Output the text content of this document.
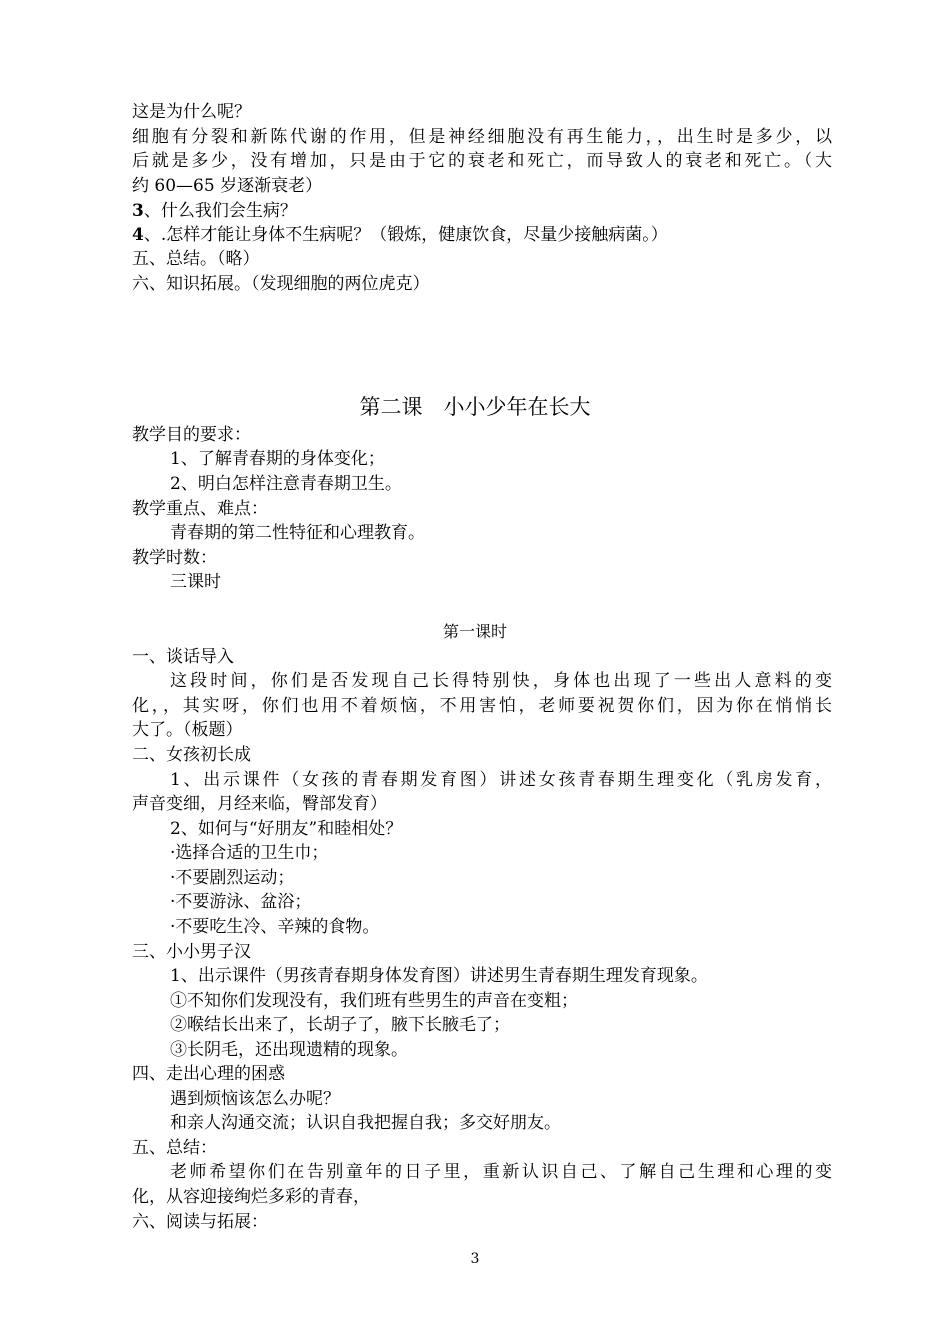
这是为什么呢？
细胞有分裂和新陈代谢的作用，但是神经细胞没有再生能力，，出生时是多少，以
后就是多少，没有增加，只是由于它的衰老和死亡，而导致人的衰老和死亡。（大
约 60—65 岁逐渐衰老）
3、什么我们会生病？
4、.怎样才能让身体不生病呢？（锻炼，健康饮食，尽量少接触病菌。）
五、总结。（略）
六、知识拓展。（发现细胞的两位虎克）
第二课　小小少年在长大
教学目的要求：
1、了解青春期的身体变化；
2、明白怎样注意青春期卫生。
教学重点、难点：
青春期的第二性特征和心理教育。
教学时数：
三课时
第一课时
一、谈话导入
这段时间，你们是否发现自己长得特别快，身体也出现了一些出人意料的变
化，，其实呀，你们也用不着烦恼，不用害怕，老师要祝贺你们，因为你在悄悄长
大了。（板题）
二、女孩初长成
1、出示课件（女孩的青春期发育图）讲述女孩青春期生理变化（乳房发育，
声音变细，月经来临，臀部发育）
2、如何与“好朋友”和睦相处？
·选择合适的卫生巾；
·不要剧烈运动；
·不要游泳、盆浴；
·不要吃生冷、辛辣的食物。
三、小小男子汉
1、出示课件（男孩青春期身体发育图）讲述男生青春期生理发育现象。
①不知你们发现没有，我们班有些男生的声音在变粗；
②喉结长出来了，长胡子了，腋下长腋毛了；
③长阴毛，还出现遗精的现象。
四、走出心理的困惑
遇到烦恼该怎么办呢？
和亲人沟通交流；认识自我把握自我；多交好朋友。
五、总结：
老师希望你们在告别童年的日子里，重新认识自己、了解自己生理和心理的变
化，从容迎接绚烂多彩的青春，
六、阅读与拓展：
3
